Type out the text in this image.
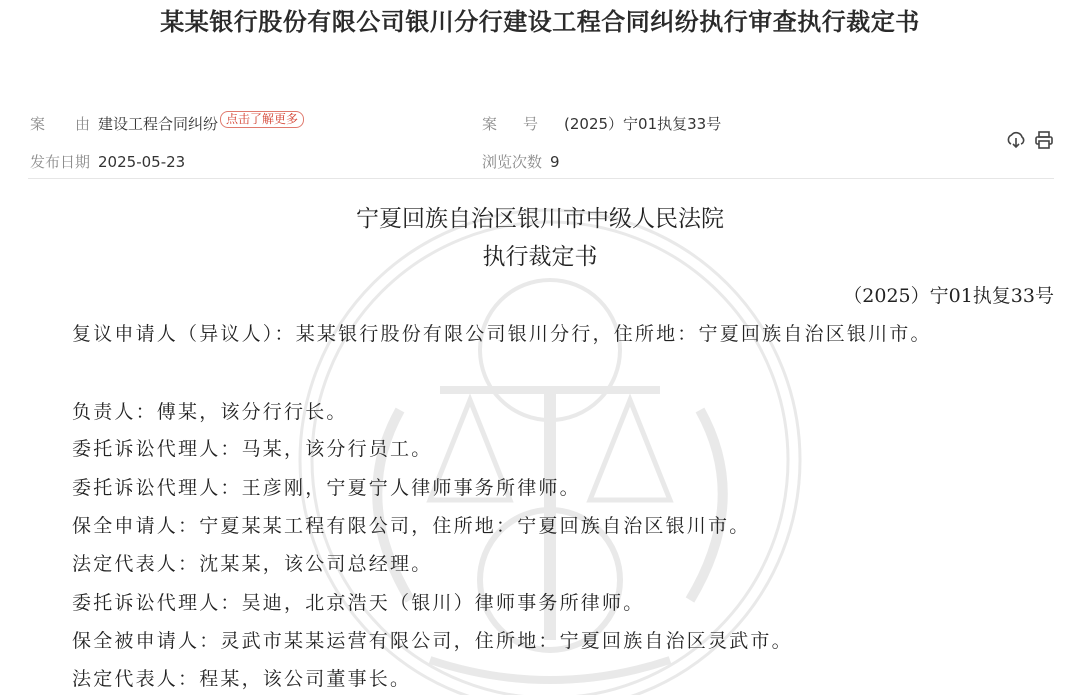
某某银行股份有限公司银川分行建设工程合同纠纷执行审查执行裁定书
案　　由 建设工程合同纠纷 点击了解更多	案号(2025）宁01执复33号
发布日期 2025-05-23	浏览次数 9
宁夏回族自治区银川市中级人民法院
执行裁定书
（2025）宁01执复33号
复议申请人（异议人）：某某银行股份有限公司银川分行，住所地：宁夏回族自治区银川市。
负责人：傅某，该分行行长。
委托诉讼代理人：马某，该分行员工。
委托诉讼代理人：王彦刚，宁夏宁人律师事务所律师。
保全申请人：宁夏某某工程有限公司，住所地：宁夏回族自治区银川市。
法定代表人：沈某某，该公司总经理。
委托诉讼代理人：吴迪，北京浩天（银川）律师事务所律师。
保全被申请人：灵武市某某运营有限公司，住所地：宁夏回族自治区灵武市。
法定代表人：程某，该公司董事长。
